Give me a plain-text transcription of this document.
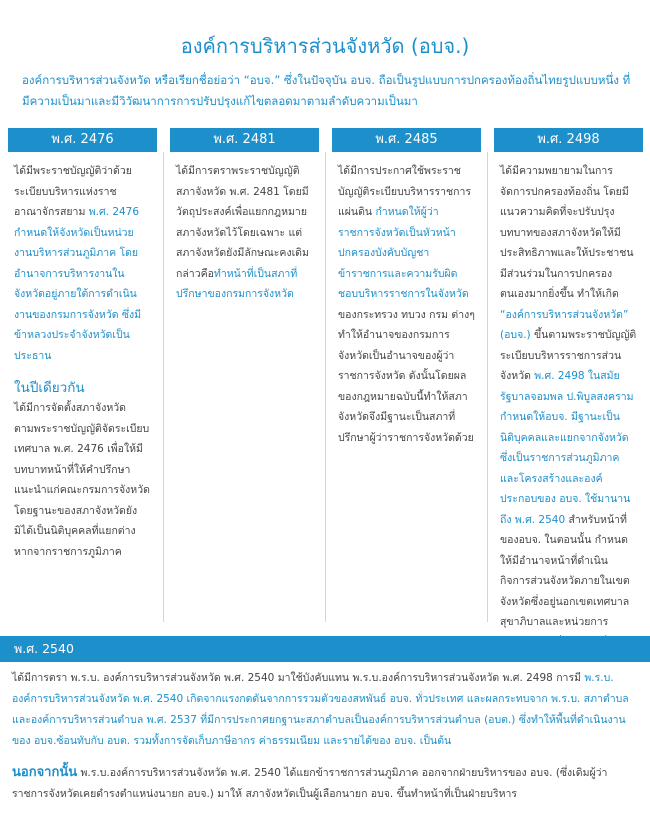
องค์การบริหารส่วนจังหวัด (อบจ.)

องค์การบริหารส่วนจังหวัด หรือเรียกชื่อย่อว่า “อบจ.” ซึ่งในปัจจุบัน อบจ. ถือเป็นรูปแบบการปกครองท้องถิ่นไทยรูปแบบหนึ่ง ที่มีความเป็นมาและมีวิวัฒนาการการปรับปรุงแก้ไขตลอดมาตามลำดับความเป็นมา

พ.ศ. 2476
ได้มีพระราชบัญญัติว่าด้วยระเบียบบริหารแห่งราชอาณาจักรสยาม พ.ศ. 2476 กำหนดให้จังหวัดเป็นหน่วยงานบริหารส่วนภูมิภาค โดยอำนาจการบริหารงานในจังหวัดอยู่ภายใต้การดำเนินงานของกรมการจังหวัด ซึ่งมีข้าหลวงประจำจังหวัดเป็นประธาน
ในปีเดียวกัน
ได้มีการจัดตั้งสภาจังหวัดตามพระราชบัญญัติจัดระเบียบเทศบาล พ.ศ. 2476 เพื่อให้มีบทบาทหน้าที่ให้คำปรึกษาแนะนำแก่คณะกรมการจังหวัด โดยฐานะของสภาจังหวัดยังมิได้เป็นนิติบุคคลที่แยกต่างหากจากราชการภูมิภาค
พ.ศ. 2481
ได้มีการตราพระราชบัญญัติสภาจังหวัด พ.ศ. 2481 โดยมีวัตถุประสงค์เพื่อแยกกฎหมายสภาจังหวัดไว้โดยเฉพาะ แต่สภาจังหวัดยังมีลักษณะคงเดิม กล่าวคือทำหน้าที่เป็นสภาที่ปรึกษาของกรมการจังหวัด
พ.ศ. 2485
ได้มีการประกาศใช้พระราชบัญญัติระเบียบบริหารราชการแผ่นดิน กำหนดให้ผู้ว่าราชการจังหวัดเป็นหัวหน้าปกครองบังคับบัญชาข้าราชการและความรับผิดชอบบริหารราชการในจังหวัดของกระทรวง ทบวง กรม ต่างๆ ทำให้อำนาจของกรมการจังหวัดเป็นอำนาจของผู้ว่าราชการจังหวัด ดังนั้นโดยผลของกฎหมายฉบับนี้ทำให้สภาจังหวัดจึงมีฐานะเป็นสภาที่ปรึกษาผู้ว่าราชการจังหวัดด้วย
พ.ศ. 2498
ได้มีความพยายามในการจัดการปกครองท้องถิ่น โดยมีแนวความคิดที่จะปรับปรุง บทบาทของสภาจังหวัดให้มีประสิทธิภาพและให้ประชาชนมีส่วนร่วมในการปกครองตนเองมากยิ่งขึ้น ทำให้เกิด “องค์การบริหารส่วนจังหวัด” (อบจ.) ขึ้นตามพระราชบัญญัติระเบียบบริหารราชการส่วนจังหวัด พ.ศ. 2498 ในสมัยรัฐบาลจอมพล ป.พิบูลสงคราม กำหนดให้อบจ. มีฐานะเป็นนิติบุคคลและแยกจากจังหวัดซึ่งเป็นราชการส่วนภูมิภาค และโครงสร้างและองค์ประกอบของ อบจ. ใช้มานานถึง พ.ศ. 2540 สำหรับหน้าที่ของอบจ. ในตอนนั้น กำหนดให้มีอำนาจหน้าที่ดำเนินกิจการส่วนจังหวัดภายในเขตจังหวัดซึ่งอยู่นอกเขตเทศบาล สุขาภิบาลและหน่วยการ
พ.ศ. 2540

ได้มีการตรา พ.ร.บ. องค์การบริหารส่วนจังหวัด พ.ศ. 2540 มาใช้บังคับแทน พ.ร.บ.องค์การบริหารส่วนจังหวัด พ.ศ. 2498 การมี พ.ร.บ. องค์การบริหารส่วนจังหวัด พ.ศ. 2540 เกิดจากแรงกดดันจากการรวมตัวของสหพันธ์ อบจ. ทั่วประเทศ และผลกระทบจาก พ.ร.บ. สภาตำบลและองค์การบริหารส่วนตำบล พ.ศ. 2537 ที่มีการประกาศยกฐานะสภาตำบลเป็นองค์การบริหารส่วนตำบล (อบต.) ซึ่งทำให้พื้นที่ดำเนินงานของ อบจ.ซ้อนทับกับ อบต. รวมทั้งการจัดเก็บภาษีอากร ค่าธรรมเนียม และรายได้ของ อบจ. เป็นต้น

นอกจากนั้น พ.ร.บ.องค์การบริหารส่วนจังหวัด พ.ศ. 2540 ได้แยกข้าราชการส่วนภูมิภาค ออกจากฝ่ายบริหารของ อบจ. (ซึ่งเดิมผู้ว่าราชการจังหวัดเคยดำรงตำแหน่งนายก อบจ.) มาให้ สภาจังหวัดเป็นผู้เลือกนายก อบจ. ขึ้นทำหน้าที่เป็นฝ่ายบริหาร
